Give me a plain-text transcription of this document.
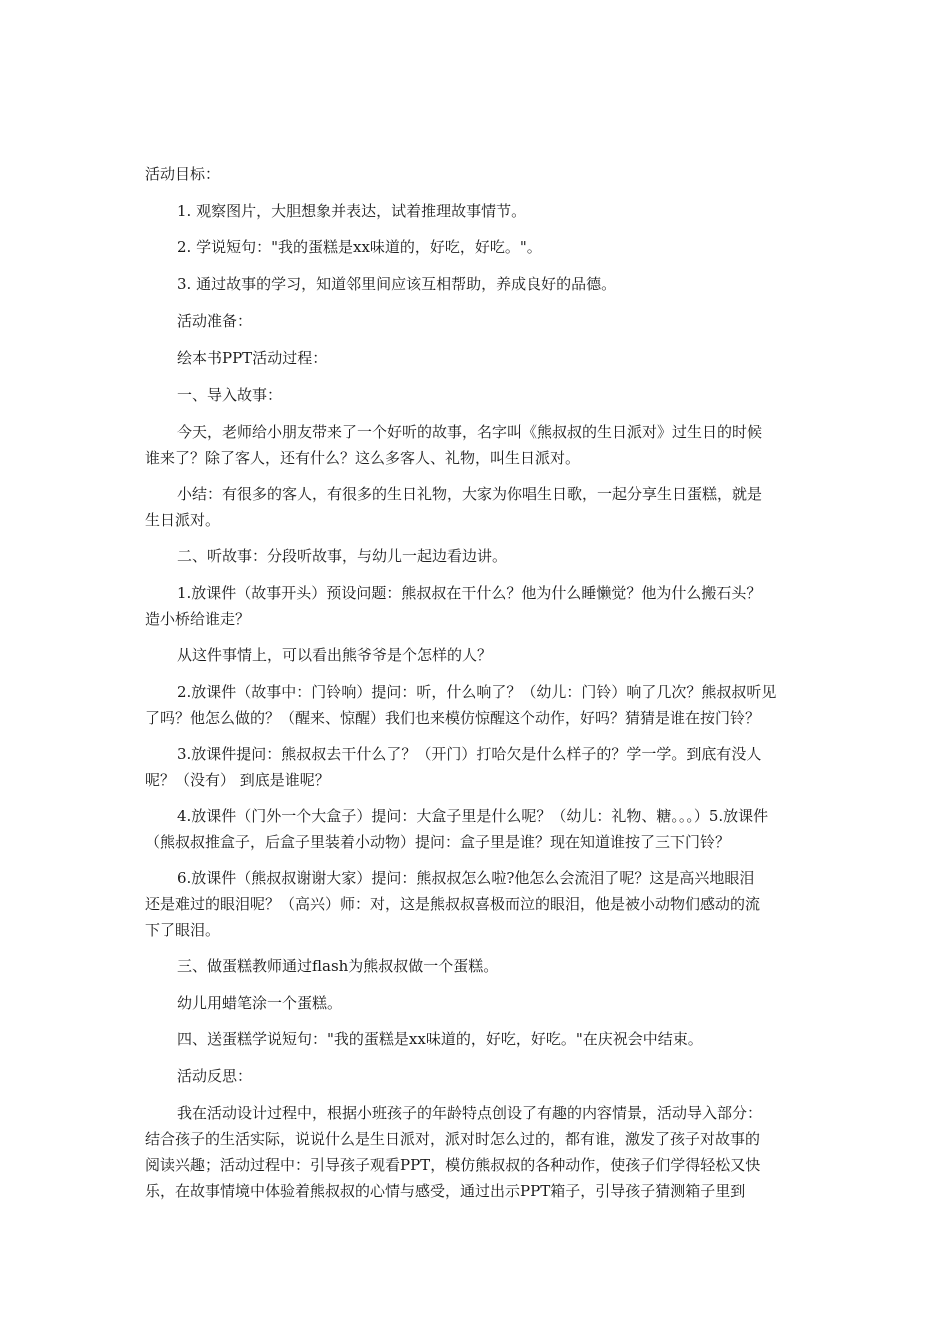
活动目标：

1. 观察图片，大胆想象并表达，试着推理故事情节。

2. 学说短句："我的蛋糕是xx味道的，好吃，好吃。"。

3. 通过故事的学习，知道邻里间应该互相帮助，养成良好的品德。

活动准备：

绘本书PPT活动过程：

一、导入故事：

今天，老师给小朋友带来了一个好听的故事，名字叫《熊叔叔的生日派对》过生日的时候
谁来了？除了客人，还有什么？这么多客人、礼物，叫生日派对。

小结：有很多的客人，有很多的生日礼物，大家为你唱生日歌，一起分享生日蛋糕，就是
生日派对。

二、听故事：分段听故事，与幼儿一起边看边讲。

1.放课件（故事开头）预设问题：熊叔叔在干什么？他为什么睡懒觉？他为什么搬石头？
造小桥给谁走？

从这件事情上，可以看出熊爷爷是个怎样的人？

2.放课件（故事中：门铃响）提问：听，什么响了？（幼儿：门铃）响了几次？熊叔叔听见
了吗？他怎么做的？（醒来、惊醒）我们也来模仿惊醒这个动作，好吗？猜猜是谁在按门铃？

3.放课件提问：熊叔叔去干什么了？（开门）打哈欠是什么样子的？学一学。到底有没人
呢？（没有） 到底是谁呢？

4.放课件（门外一个大盒子）提问：大盒子里是什么呢？（幼儿：礼物、糖。。。）5.放课件
（熊叔叔推盒子，后盒子里装着小动物）提问：盒子里是谁？现在知道谁按了三下门铃？

6.放课件（熊叔叔谢谢大家）提问：熊叔叔怎么啦?他怎么会流泪了呢？这是高兴地眼泪
还是难过的眼泪呢？（高兴）师：对，这是熊叔叔喜极而泣的眼泪，他是被小动物们感动的流
下了眼泪。

三、做蛋糕教师通过flash为熊叔叔做一个蛋糕。

幼儿用蜡笔涂一个蛋糕。

四、送蛋糕学说短句："我的蛋糕是xx味道的，好吃，好吃。"在庆祝会中结束。

活动反思：

我在活动设计过程中，根据小班孩子的年龄特点创设了有趣的内容情景，活动导入部分：
结合孩子的生活实际，说说什么是生日派对，派对时怎么过的，都有谁，激发了孩子对故事的
阅读兴趣；活动过程中：引导孩子观看PPT，模仿熊叔叔的各种动作，使孩子们学得轻松又快
乐，在故事情境中体验着熊叔叔的心情与感受，通过出示PPT箱子，引导孩子猜测箱子里到
